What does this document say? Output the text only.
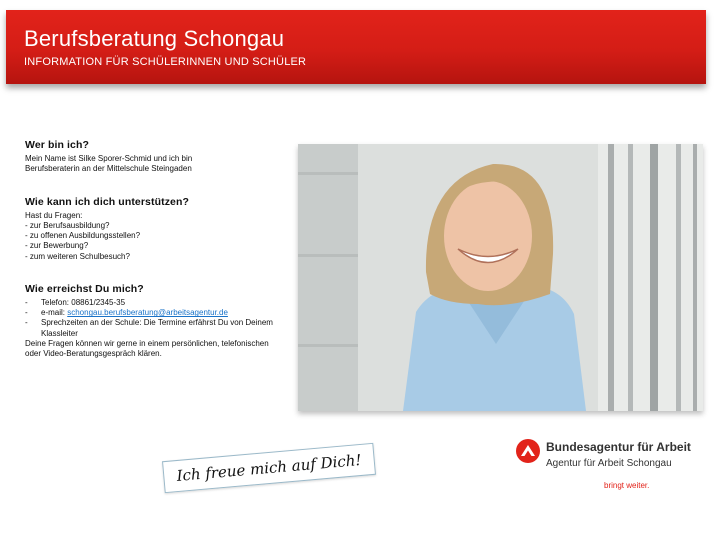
Berufsberatung Schongau
INFORMATION FÜR SCHÜLERINNEN UND SCHÜLER
Wer bin ich?

Mein Name ist Silke Sporer-Schmid und ich bin

Berufsberaterin an der Mittelschule Steingaden

Wie kann ich dich unterstützen?

Hast du Fragen:

- zur Berufsausbildung?

- zu offenen Ausbildungsstellen?

- zur Bewerbung?

- zum weiteren Schulbesuch?

Wie erreichst Du mich?
- Telefon: 08861/2345-35
- e-mail: schongau.berufsberatung@arbeitsagentur.de
- Sprechzeiten an der Schule: Die Termine erfährst Du von Deinem Klassleiter

Deine Fragen können wir gerne in einem persönlichen, telefonischen oder Video-Beratungsgespräch klären.

Ich freue mich auf Dich!
Bundesagentur für Arbeit
Agentur für Arbeit Schongau
bringt weiter.
